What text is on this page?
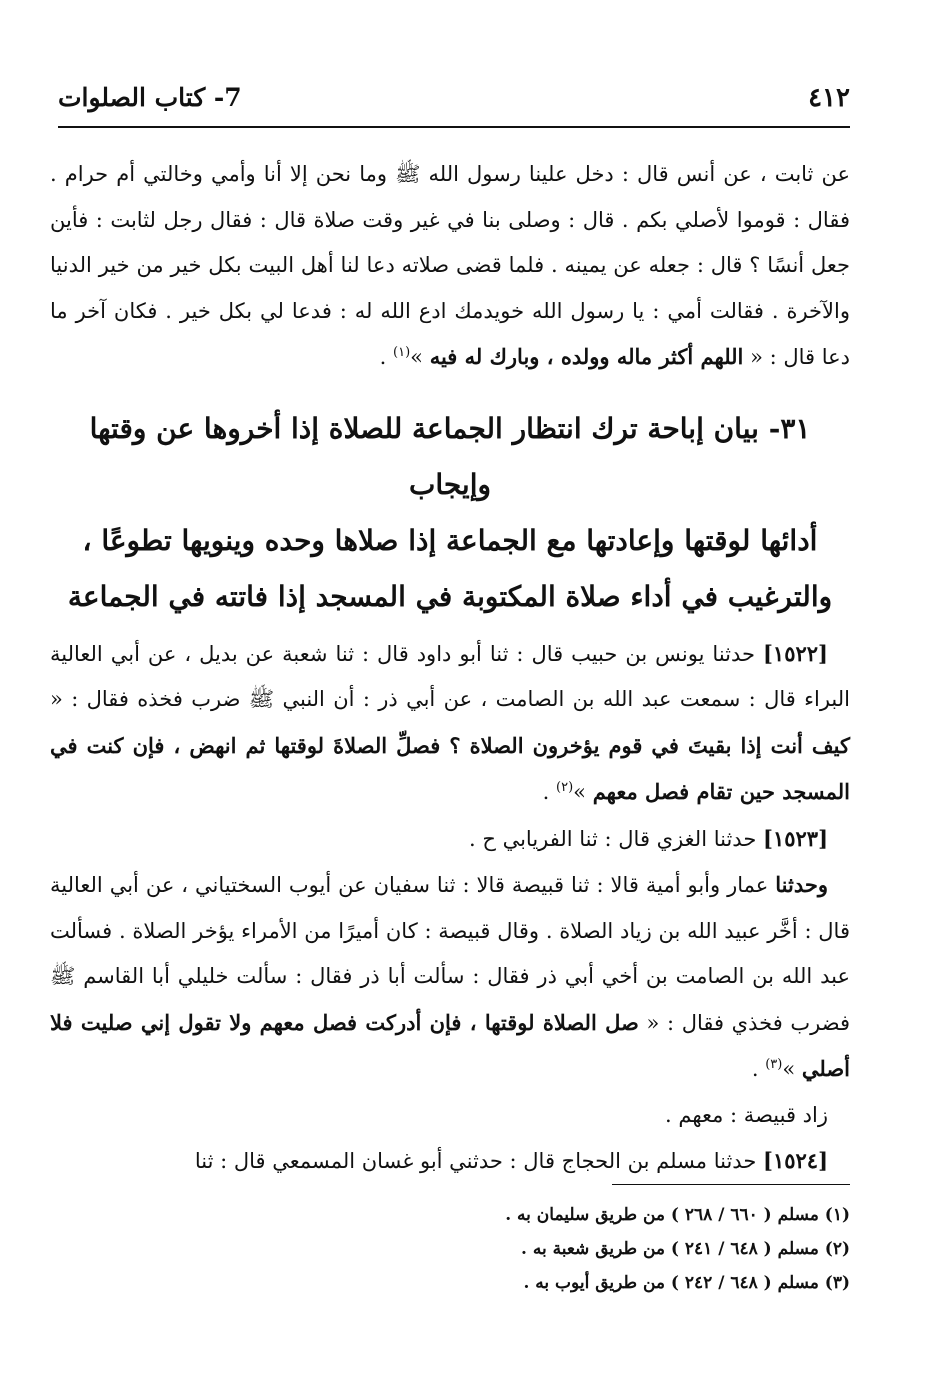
٤١٢
7- كتاب الصلوات

عن ثابت ، عن أنس قال : دخل علينا رسول الله ﷺ وما نحن إلا أنا وأمي وخالتي أم حرام . فقال : قوموا لأصلي بكم . قال : وصلى بنا في غير وقت صلاة قال : فقال رجل لثابت : فأين جعل أنسًا ؟ قال : جعله عن يمينه . فلما قضى صلاته دعا لنا أهل البيت بكل خير من خير الدنيا والآخرة . فقالت أمي : يا رسول الله خويدمك ادع الله له : فدعا لي بكل خير . فكان آخر ما دعا قال : « اللهم أكثر ماله وولده ، وبارك له فيه »$^{(١)}$ .

٣١- بيان إباحة ترك انتظار الجماعة للصلاة إذا أخروها عن وقتها وإيجاب
أدائها لوقتها وإعادتها مع الجماعة إذا صلاها وحده وينويها تطوعًا ،
والترغيب في أداء صلاة المكتوبة في المسجد إذا فاتته في الجماعة

[١٥٢٢] حدثنا يونس بن حبيب قال : ثنا أبو داود قال : ثنا شعبة عن بديل ، عن أبي العالية البراء قال : سمعت عبد الله بن الصامت ، عن أبي ذر : أن النبي ﷺ ضرب فخذه فقال : « كيف أنت إذا بقيتَ في قوم يؤخرون الصلاة ؟ فصلِّ الصلاةَ لوقتها ثم انهض ، فإن كنت في المسجد حين تقام فصل معهم »$^{(٢)}$ .

[١٥٢٣] حدثنا الغزي قال : ثنا الفريابي ح .

وحدثنا عمار وأبو أمية قالا : ثنا قبيصة قالا : ثنا سفيان عن أيوب السختياني ، عن أبي العالية قال : أخَّر عبيد الله بن زياد الصلاة . وقال قبيصة : كان أميرًا من الأمراء يؤخر الصلاة . فسألت عبد الله بن الصامت بن أخي أبي ذر فقال : سألت أبا ذر فقال : سألت خليلي أبا القاسم ﷺ فضرب فخذي فقال : « صل الصلاة لوقتها ، فإن أدركت فصل معهم ولا تقول إني صليت فلا أصلي »$^{(٣)}$ .

زاد قبيصة : معهم .

[١٥٢٤] حدثنا مسلم بن الحجاج قال : حدثني أبو غسان المسمعي قال : ثنا

(١) مسلم ( ٦٦٠ / ٢٦٨ ) من طريق سليمان به .
(٢) مسلم ( ٦٤٨ / ٢٤١ ) من طريق شعبة به .
(٣) مسلم ( ٦٤٨ / ٢٤٢ ) من طريق أيوب به .
